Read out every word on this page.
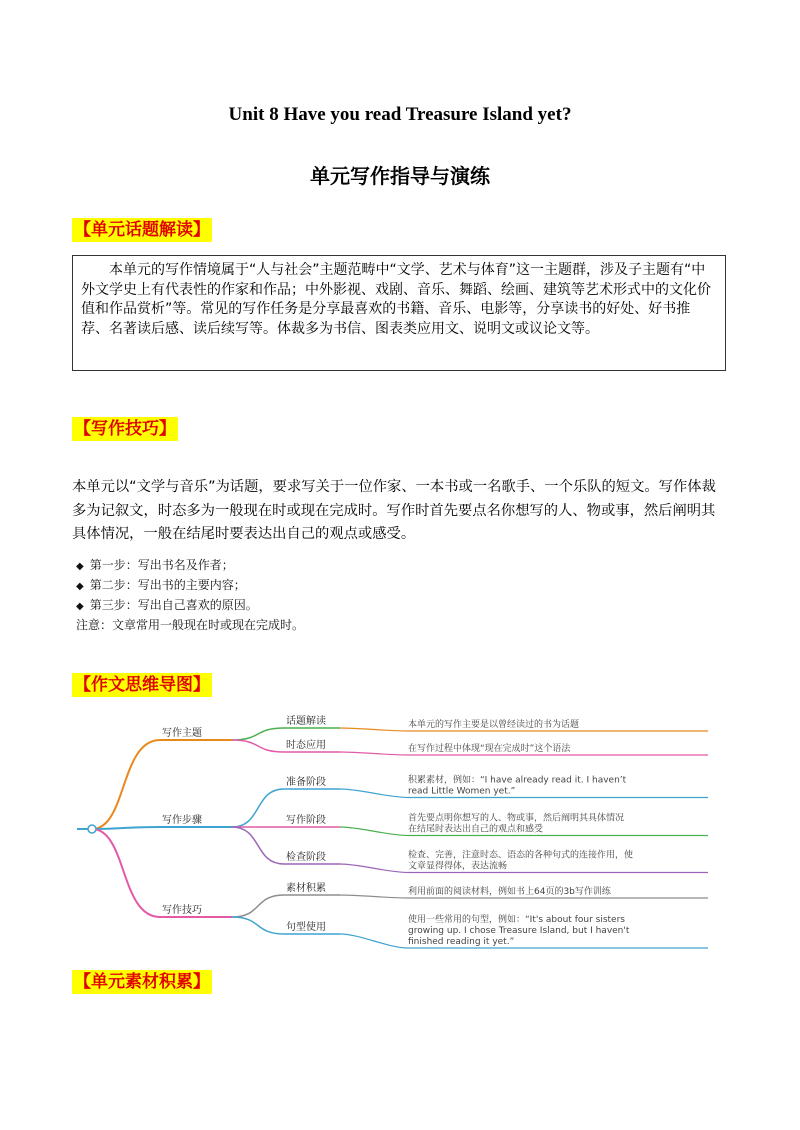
Unit 8 Have you read Treasure Island yet?
单元写作指导与演练
【单元话题解读】
本单元的写作情境属于“人与社会”主题范畴中“文学、艺术与体育”这一主题群，涉及子主题有“中外文学史上有代表性的作家和作品；中外影视、戏剧、音乐、舞蹈、绘画、建筑等艺术形式中的文化价值和作品赏析”等。常见的写作任务是分享最喜欢的书籍、音乐、电影等，分享读书的好处、好书推荐、名著读后感、读后续写等。体裁多为书信、图表类应用文、说明文或议论文等。
【写作技巧】
本单元以“文学与音乐”为话题，要求写关于一位作家、一本书或一名歌手、一个乐队的短文。写作体裁多为记叙文，时态多为一般现在时或现在完成时。写作时首先要点名你想写的人、物或事，然后阐明其具体情况，一般在结尾时要表达出自己的观点或感受。
◆ 第一步：写出书名及作者；
◆ 第二步：写出书的主要内容；
◆ 第三步：写出自己喜欢的原因。
注意：文章常用一般现在时或现在完成时。
【作文思维导图】
写作主题
话题解读	本单元的写作主要是以曾经读过的书为话题
时态应用	在写作过程中体现“现在完成时”这个语法
写作步骤
准备阶段	积累素材，例如：“I have already read it. I haven’t
read Little Women yet.”
写作阶段	首先要点明你想写的人、物或事，然后阐明其具体情况
在结尾时表达出自己的观点和感受
检查阶段	检查、完善，注意时态、语态的各种句式的连接作用，使
文章显得得体，表达流畅
写作技巧
素材积累	利用前面的阅读材料，例如书上64页的3b写作训练
句型使用
使用一些常用的句型，例如：“It's about four sisters
growing up. I chose Treasure Island, but I haven't
finished reading it yet.”
【单元素材积累】
